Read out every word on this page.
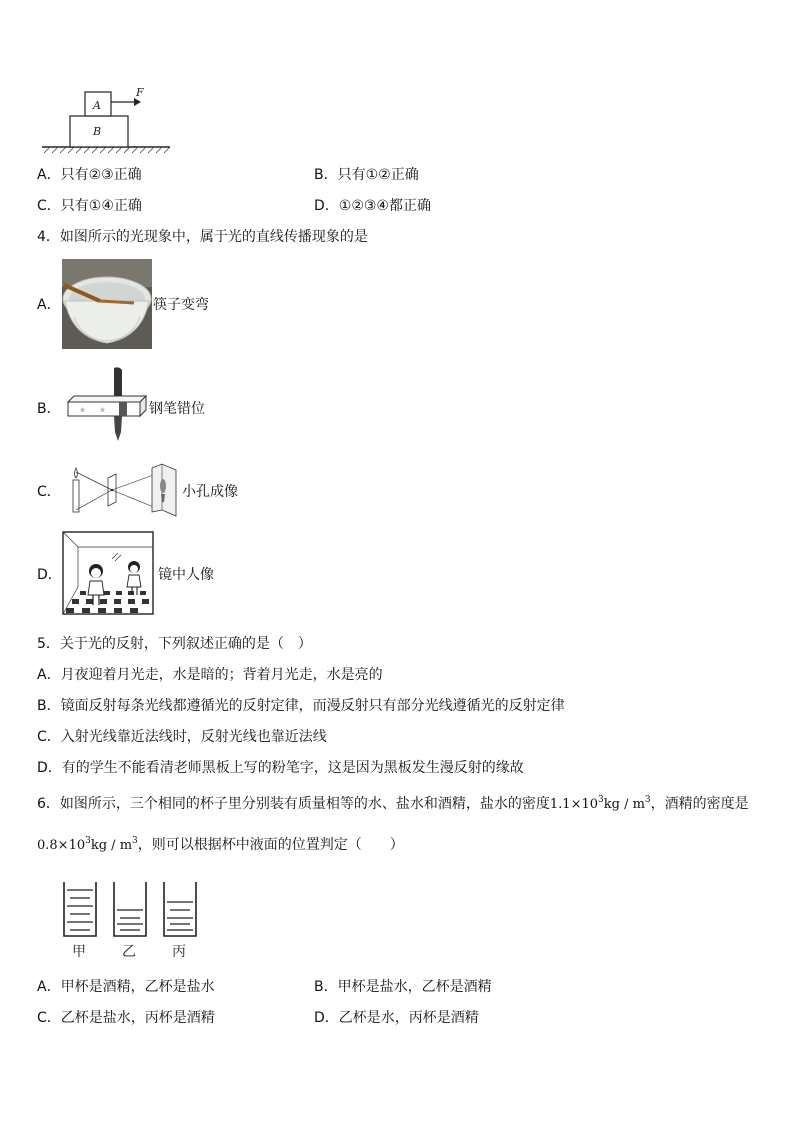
A
B
F
A．只有②③正确	B．只有①②正确
C．只有①④正确	D．①②③④都正确
4．如图所示的光现象中，属于光的直线传播现象的是
A．	筷子变弯
B．	※ ※	钢笔错位
C．	小孔成像
D．	镜中人像
5．关于光的反射，下列叙述正确的是（　）
A．月夜迎着月光走，水是暗的；背着月光走，水是亮的
B．镜面反射每条光线都遵循光的反射定律，而漫反射只有部分光线遵循光的反射定律
C．入射光线靠近法线时，反射光线也靠近法线
D．有的学生不能看清老师黑板上写的粉笔字，这是因为黑板发生漫反射的缘故
6．如图所示，三个相同的杯子里分别装有质量相等的水、盐水和酒精，盐水的密度$1.1\times 10^3kg / m^3$，酒精的密度是
$0.8\times 10^3kg / m^3$，则可以根据杯中液面的位置判定（　　）
甲	乙	丙
A．甲杯是酒精，乙杯是盐水	B．甲杯是盐水，乙杯是酒精
C．乙杯是盐水，丙杯是酒精	D．乙杯是水，丙杯是酒精
